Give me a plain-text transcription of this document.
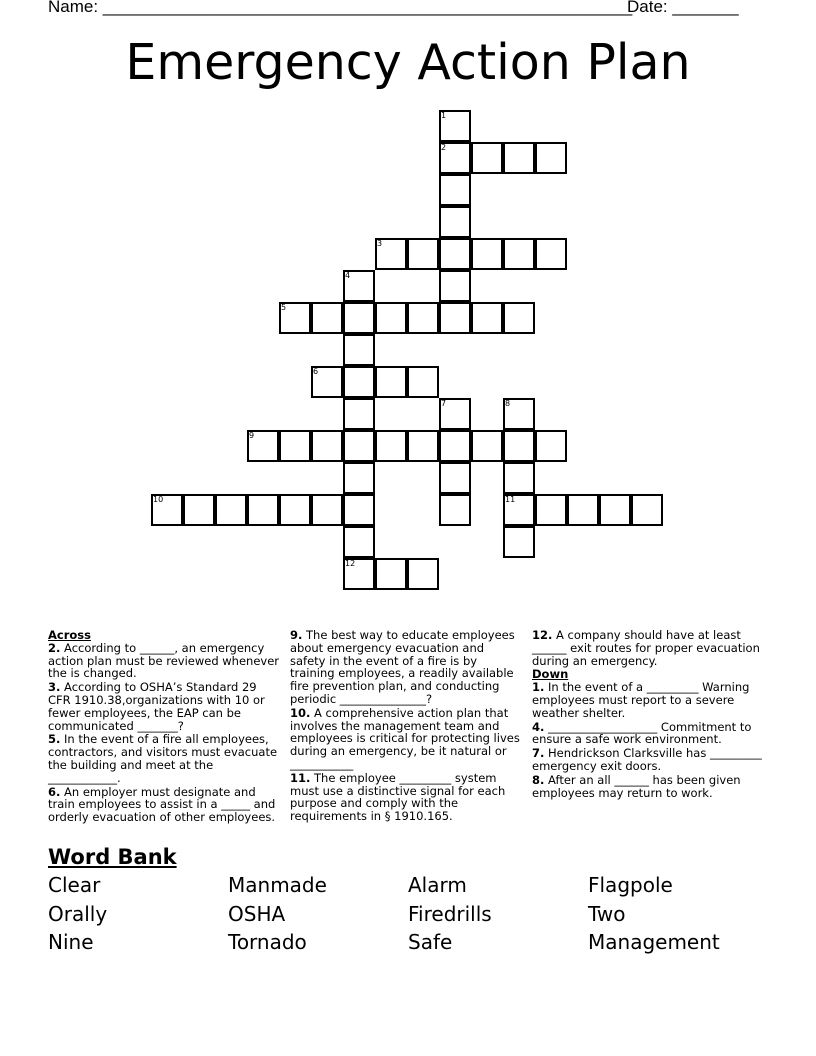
Name: ________________________________________________________
Date: _______
Emergency Action Plan
1
2
3
4
5
6
7	8
9
10	11
12
Across
2. According to ______, an emergency action plan must be reviewed whenever the is changed.
3. According to OSHA’s Standard 29 CFR 1910.38,organizations with 10 or fewer employees, the EAP can be communicated _______?
5. In the event of a fire all employees, contractors, and visitors must evacuate the building and meet at the ____________.
6. An employer must designate and train employees to assist in a _____ and orderly evacuation of other employees.
9. The best way to educate employees about emergency evacuation and safety in the event of a fire is by training employees, a readily available fire prevention plan, and conducting periodic _______________?
10. A comprehensive action plan that involves the management team and employees is critical for protecting lives during an emergency, be it natural or ___________
11. The employee _________ system must use a distinctive signal for each purpose and comply with the requirements in § 1910.165.
12. A company should have at least ______ exit routes for proper evacuation during an emergency.
Down
1. In the event of a _________ Warning employees must report to a severe weather shelter.
4. ___________________ Commitment to ensure a safe work environment.
7. Hendrickson Clarksville has _________ emergency exit doors.
8. After an all ______ has been given employees may return to work.
Word Bank
Clear	Manmade	Alarm	Flagpole
Orally	OSHA	Firedrills	Two
Nine	Tornado	Safe	Management
